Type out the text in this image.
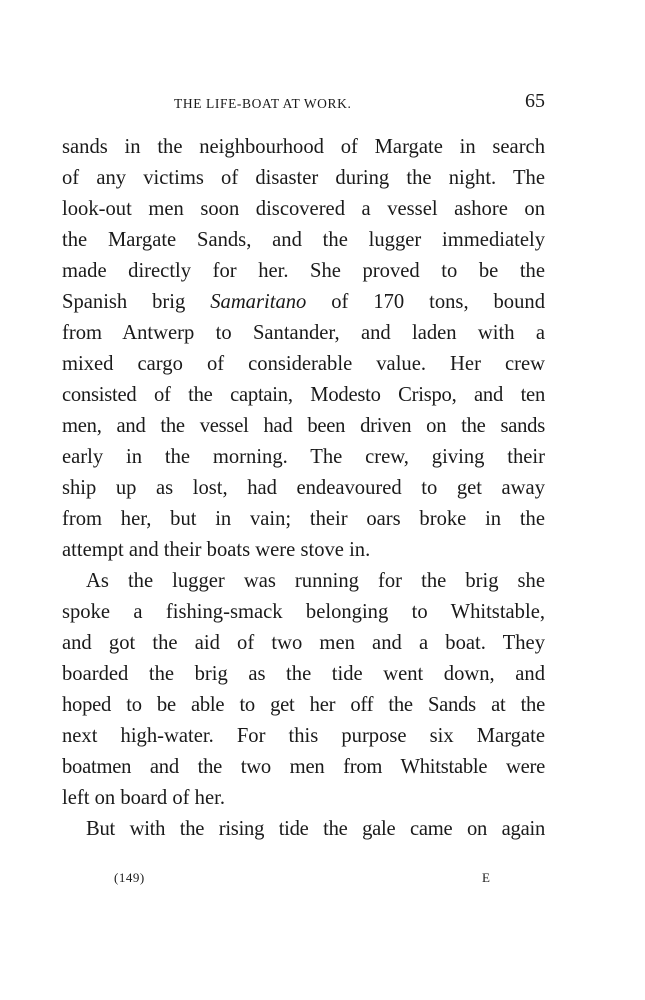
THE LIFE-BOAT AT WORK.	65
sands in the neighbourhood of Margate in search
of any victims of disaster during the night. The
look-out men soon discovered a vessel ashore on
the Margate Sands, and the lugger immediately
made directly for her. She proved to be the
Spanish brig Samaritano of 170 tons, bound
from Antwerp to Santander, and laden with a
mixed cargo of considerable value. Her crew
consisted of the captain, Modesto Crispo, and ten
men, and the vessel had been driven on the sands
early in the morning. The crew, giving their
ship up as lost, had endeavoured to get away
from her, but in vain; their oars broke in the
attempt and their boats were stove in.
As the lugger was running for the brig she
spoke a fishing-smack belonging to Whitstable,
and got the aid of two men and a boat. They
boarded the brig as the tide went down, and
hoped to be able to get her off the Sands at the
next high-water. For this purpose six Margate
boatmen and the two men from Whitstable were
left on board of her.
But with the rising tide the gale came on again
(149)	E
